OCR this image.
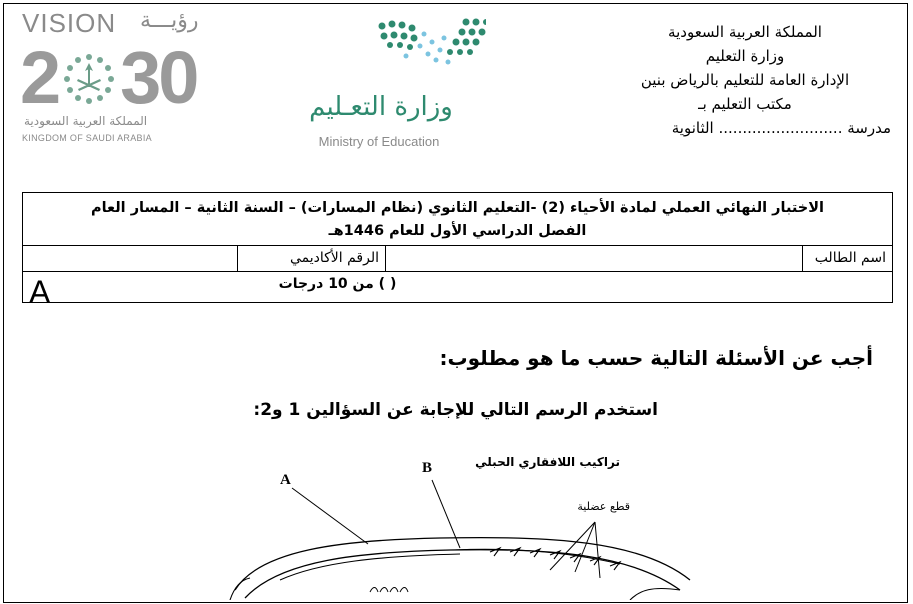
المملكة العربية السعودية
وزارة التعليم
الإدارة العامة للتعليم بالرياض بنين
مكتب التعليم بـ
مدرسة .......................... الثانوية
VISION رؤيـــة
2 30
المملكة العربية السعودية
KINGDOM OF SAUDI ARABIA
وزارة التعـليم
Ministry of Education
الاختبار النهائي العملي لمادة الأحياء (2) -التعليم الثانوي (نظام المسارات) – السنة الثانية – المسار العام
الفصل الدراسي الأول للعام 1446هـ
اسم الطالب
الرقم الأكاديمي
( ) من 10 درجات
A
أجب عن الأسئلة التالية حسب ما هو مطلوب:
استخدم الرسم التالي للإجابة عن السؤالين 1 و2:
A
B	تراكيب اللافقاري الحبلي
قطع عضلية
